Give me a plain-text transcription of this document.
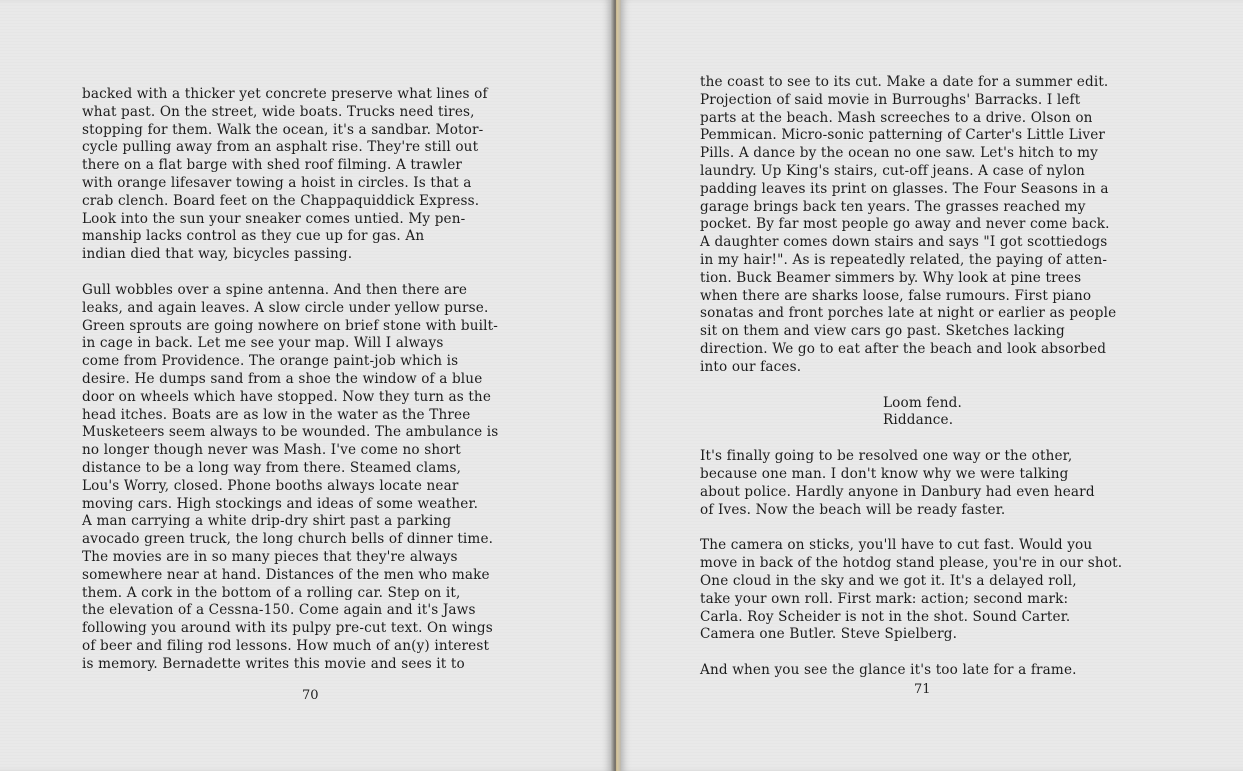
backed with a thicker yet concrete preserve what lines of
what past. On the street, wide boats. Trucks need tires,
stopping for them. Walk the ocean, it's a sandbar. Motor-
cycle pulling away from an asphalt rise. They're still out
there on a flat barge with shed roof filming. A trawler
with orange lifesaver towing a hoist in circles. Is that a
crab clench. Board feet on the Chappaquiddick Express.
Look into the sun your sneaker comes untied. My pen-
manship lacks control as they cue up for gas. An
indian died that way, bicycles passing.

Gull wobbles over a spine antenna. And then there are
leaks, and again leaves. A slow circle under yellow purse.
Green sprouts are going nowhere on brief stone with built-
in cage in back. Let me see your map. Will I always
come from Providence. The orange paint-job which is
desire. He dumps sand from a shoe the window of a blue
door on wheels which have stopped. Now they turn as the
head itches. Boats are as low in the water as the Three
Musketeers seem always to be wounded. The ambulance is
no longer though never was Mash. I've come no short
distance to be a long way from there. Steamed clams,
Lou's Worry, closed. Phone booths always locate near
moving cars. High stockings and ideas of some weather.
A man carrying a white drip-dry shirt past a parking
avocado green truck, the long church bells of dinner time.
The movies are in so many pieces that they're always
somewhere near at hand. Distances of the men who make
them. A cork in the bottom of a rolling car. Step on it,
the elevation of a Cessna-150. Come again and it's Jaws
following you around with its pulpy pre-cut text. On wings
of beer and filing rod lessons. How much of an(y) interest
is memory. Bernadette writes this movie and sees it to

70

the coast to see to its cut. Make a date for a summer edit.
Projection of said movie in Burroughs' Barracks. I left
parts at the beach. Mash screeches to a drive. Olson on
Pemmican. Micro-sonic patterning of Carter's Little Liver
Pills. A dance by the ocean no one saw. Let's hitch to my
laundry. Up King's stairs, cut-off jeans. A case of nylon
padding leaves its print on glasses. The Four Seasons in a
garage brings back ten years. The grasses reached my
pocket. By far most people go away and never come back.
A daughter comes down stairs and says "I got scottiedogs
in my hair!". As is repeatedly related, the paying of atten-
tion. Buck Beamer simmers by. Why look at pine trees
when there are sharks loose, false rumours. First piano
sonatas and front porches late at night or earlier as people
sit on them and view cars go past. Sketches lacking
direction. We go to eat after the beach and look absorbed
into our faces.

Loom fend.
Riddance.

It's finally going to be resolved one way or the other,
because one man. I don't know why we were talking
about police. Hardly anyone in Danbury had even heard
of Ives. Now the beach will be ready faster.

The camera on sticks, you'll have to cut fast. Would you
move in back of the hotdog stand please, you're in our shot.
One cloud in the sky and we got it. It's a delayed roll,
take your own roll. First mark: action; second mark:
Carla. Roy Scheider is not in the shot. Sound Carter.
Camera one Butler. Steve Spielberg.

And when you see the glance it's too late for a frame.

71
